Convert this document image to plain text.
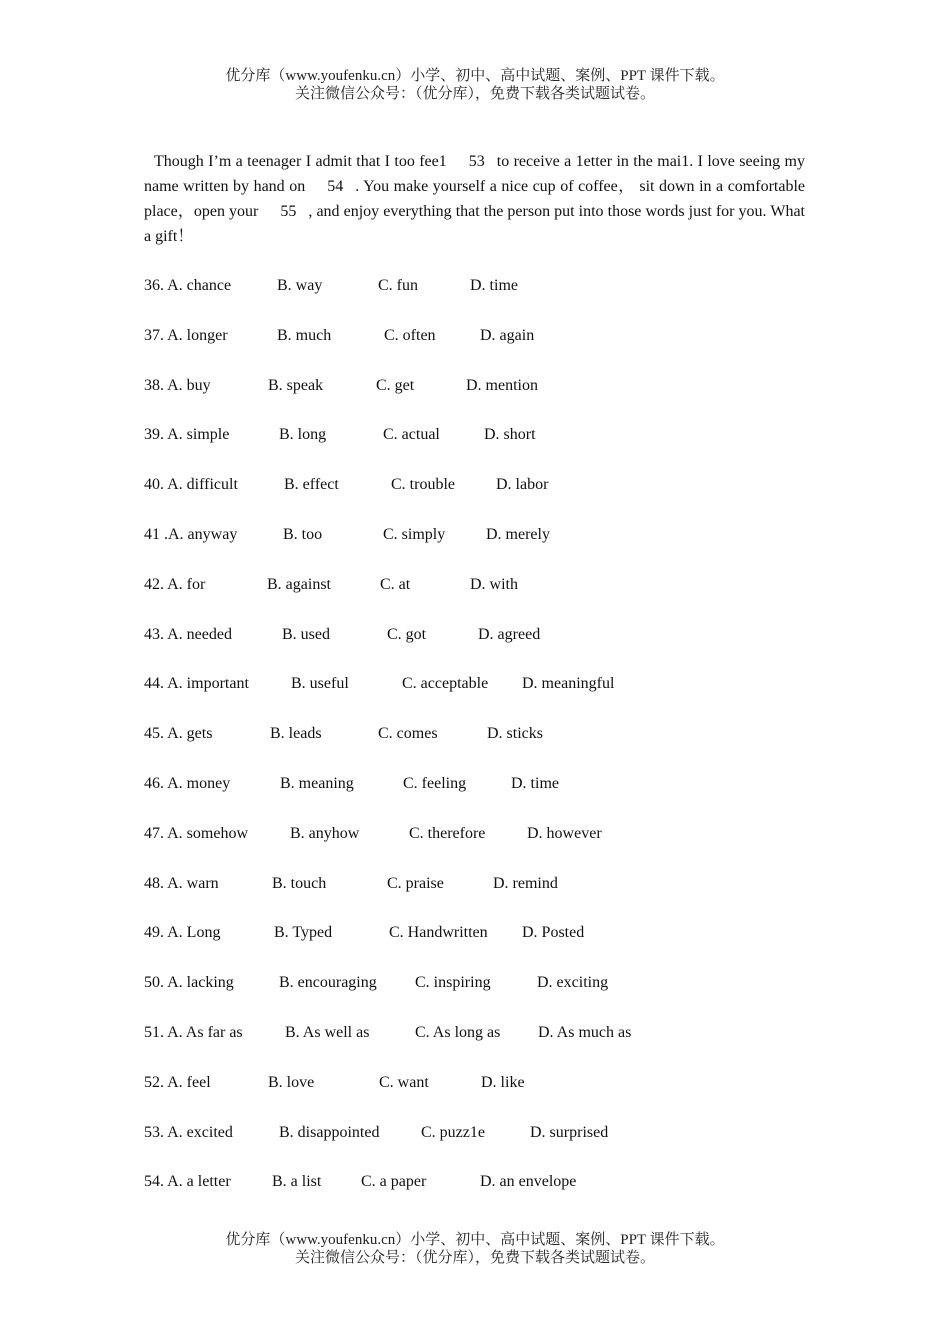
优分库（www.youfenku.cn）小学、初中、高中试题、案例、PPT 课件下载。
关注微信公众号：（优分库），免费下载各类试题试卷。

Though I’m a teenager I admit that I too fee1 53 to receive a 1etter in the mai1. I love seeing my name written by hand on 54 . You make yourself a nice cup of coffee， sit down in a comfortable place，open your 55 , and enjoy everything that the person put into those words just for you. What a gift！

36. A. chance	B. way	C. fun	D. time
37. A. longer	B. much	C. often	D. again
38. A. buy	B. speak	C. get	D. mention
39. A. simple	B. long	C. actual	D. short
40. A. difficult	B. effect	C. trouble	D. labor
41 .A. anyway	B. too	C. simply	D. merely
42. A. for	B. against	C. at	D. with
43. A. needed	B. used	C. got	D. agreed
44. A. important	B. useful	C. acceptable D. meaningful
45. A. gets	B. leads	C. comes	D. sticks
46. A. money	B. meaning	C. feeling	D. time
47. A. somehow	B. anyhow	C. therefore	D. however
48. A. warn	B. touch	C. praise	D. remind
49. A. Long	B. Typed	C. Handwritten D. Posted
50. A. lacking	B. encouraging C. inspiring	D. exciting
51. A. As far as	B. As well as	C. As long as D. As much as
52. A. feel	B. love	C. want	D. like
53. A. excited	B. disappointed	C. puzz1e	D. surprised
54. A. a letter	B. a list C. a paper	D. an envelope
优分库（www.youfenku.cn）小学、初中、高中试题、案例、PPT 课件下载。
关注微信公众号：（优分库），免费下载各类试题试卷。
